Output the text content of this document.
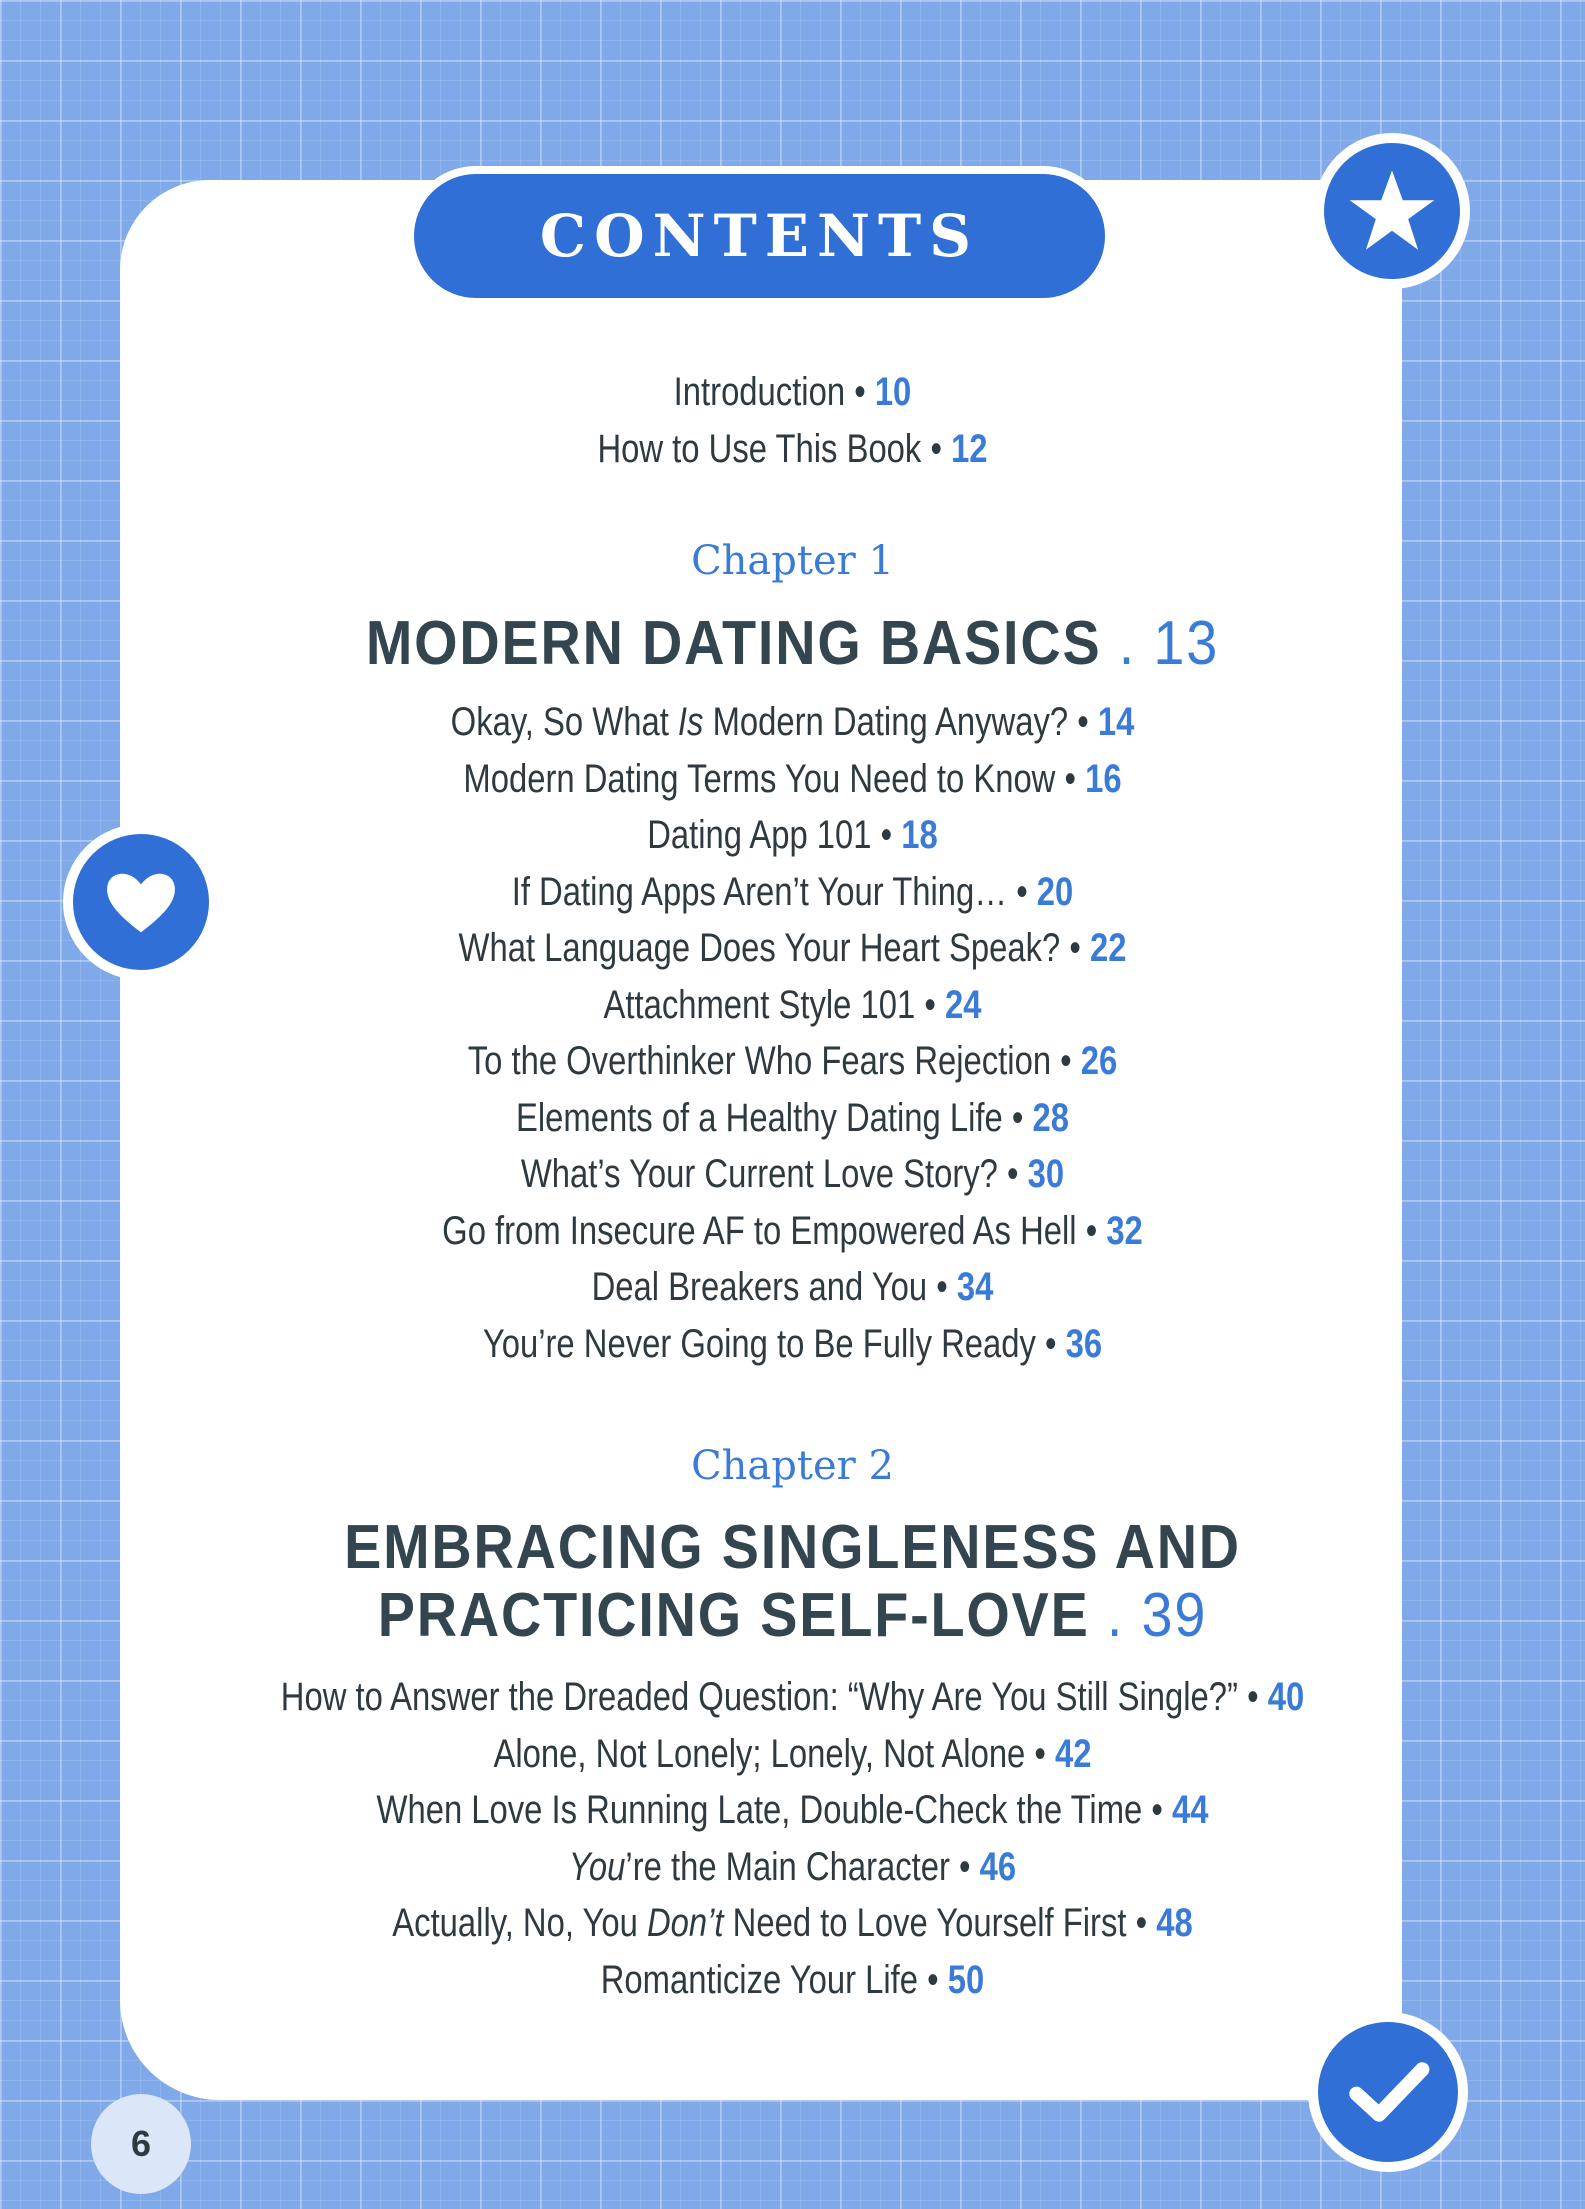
CONTENTS
Introduction • 10
How to Use This Book • 12
Chapter 1
MODERN DATING BASICS . 13
Okay, So What Is Modern Dating Anyway? • 14
Modern Dating Terms You Need to Know • 16
Dating App 101 • 18
If Dating Apps Aren’t Your Thing… • 20
What Language Does Your Heart Speak? • 22
Attachment Style 101 • 24
To the Overthinker Who Fears Rejection • 26
Elements of a Healthy Dating Life • 28
What’s Your Current Love Story? • 30
Go from Insecure AF to Empowered As Hell • 32
Deal Breakers and You • 34
You’re Never Going to Be Fully Ready • 36
Chapter 2
EMBRACING SINGLENESS AND
PRACTICING SELF-LOVE . 39
How to Answer the Dreaded Question: “Why Are You Still Single?” • 40
Alone, Not Lonely; Lonely, Not Alone • 42
When Love Is Running Late, Double-Check the Time • 44
You’re the Main Character • 46
Actually, No, You Don’t Need to Love Yourself First • 48
Romanticize Your Life • 50
6
